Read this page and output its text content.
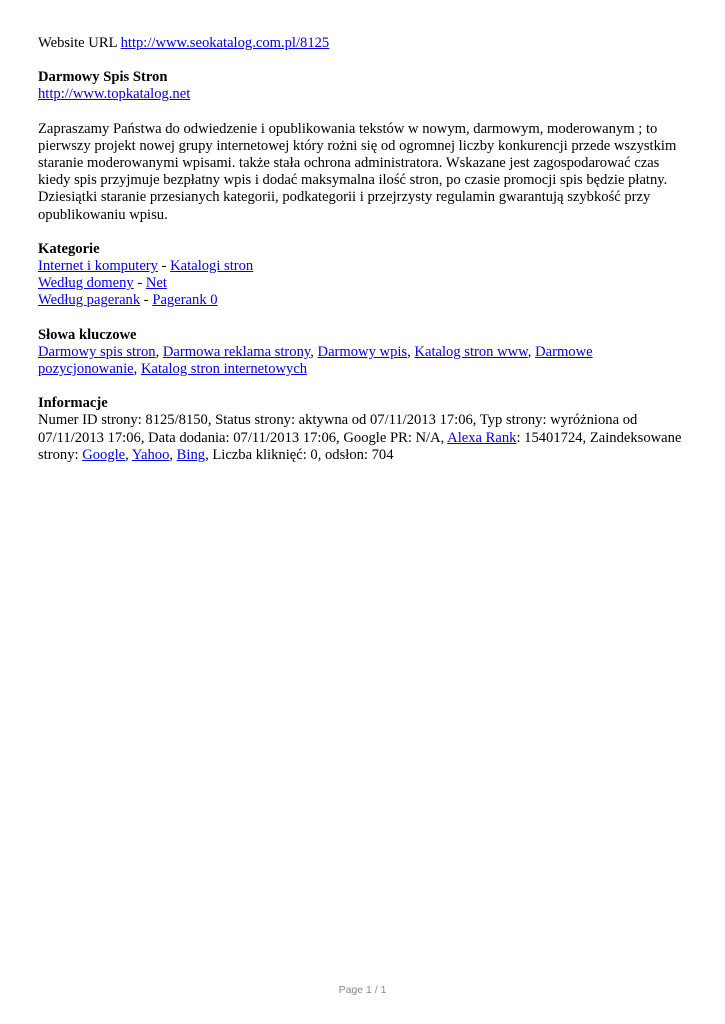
Website URL http://www.seokatalog.com.pl/8125

Darmowy Spis Stron

http://www.topkatalog.net

Zapraszamy Państwa do odwiedzenie i opublikowania tekstów w nowym, darmowym, moderowanym ; to pierwszy projekt nowej grupy internetowej który rożni się od ogromnej liczby konkurencji przede wszystkim staranie moderowanymi wpisami. także stała ochrona administratora. Wskazane jest zagospodarować czas kiedy spis przyjmuje bezpłatny wpis i dodać maksymalna ilość stron, po czasie promocji spis będzie płatny. Dziesiątki staranie przesianych kategorii, podkategorii i przejrzysty regulamin gwarantują szybkość przy opublikowaniu wpisu.

Kategorie

Internet i komputery - Katalogi stron

Według domeny - Net

Według pagerank - Pagerank 0

Słowa kluczowe

Darmowy spis stron, Darmowa reklama strony, Darmowy wpis, Katalog stron www, Darmowe pozycjonowanie, Katalog stron internetowych

Informacje

Numer ID strony: 8125/8150, Status strony: aktywna od 07/11/2013 17:06, Typ strony: wyróżniona od 07/11/2013 17:06, Data dodania: 07/11/2013 17:06, Google PR: N/A, Alexa Rank: 15401724, Zaindeksowane strony: Google, Yahoo, Bing, Liczba kliknięć: 0, odsłon: 704

Page 1 / 1
